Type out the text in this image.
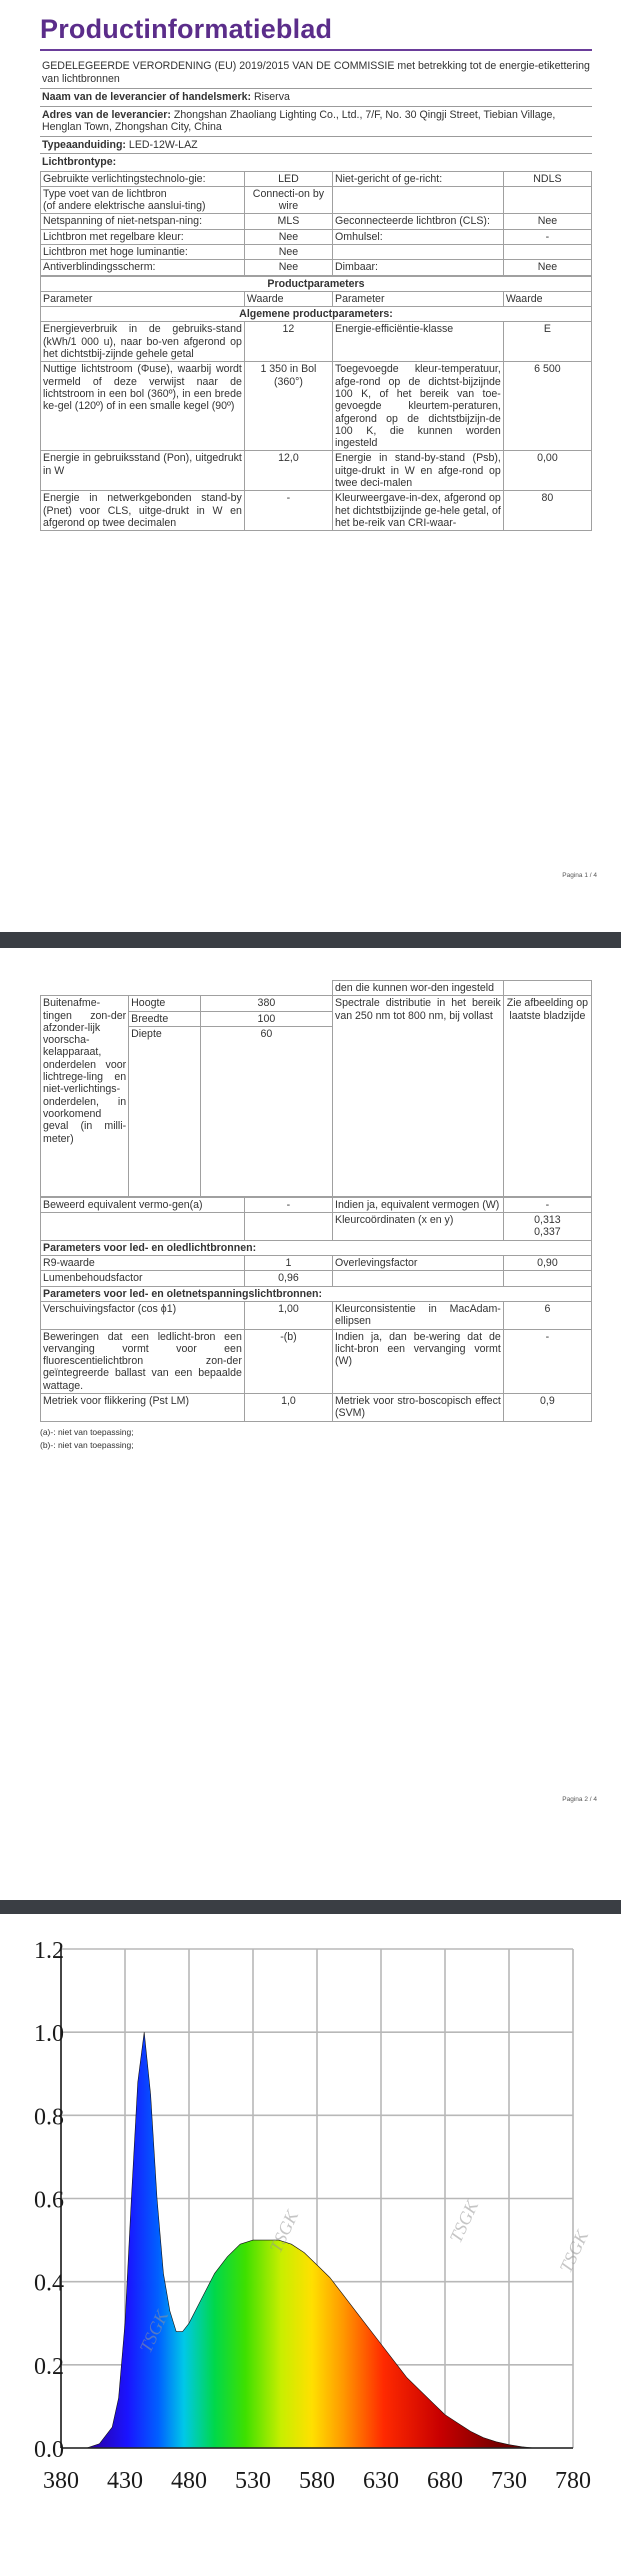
Productinformatieblad
GEDELEGEERDE VERORDENING (EU) 2019/2015 VAN DE COMMISSIE met betrekking tot de energie-etikettering van lichtbronnen
Naam van de leverancier of handelsmerk: Riserva
Adres van de leverancier: Zhongshan Zhaoliang Lighting Co., Ltd., 7/F, No. 30 Qingji Street, Tiebian Village, Henglan Town, Zhongshan City, China
Typeaanduiding: LED-12W-LAZ
Lichtbrontype:
Gebruikte verlichtingstechnolo-gie:	LED	Niet-gericht of ge-richt:	NDLS
Type voet van de lichtbron
(of andere elektrische aanslui-ting)	Connecti-on by wire		
Netspanning of niet-netspan-ning:	MLS	Geconnecteerde lichtbron (CLS):	Nee
Lichtbron met regelbare kleur:	Nee	Omhulsel:	-
Lichtbron met hoge luminantie:	Nee		
Antiverblindingsscherm:	Nee	Dimbaar:	Nee
Productparameters			
Parameter	Waarde	Parameter	Waarde
Algemene productparameters:			
Energieverbruik in de gebruiks-stand (kWh/1 000 u), naar bo-ven afgerond op het dichtstbij-zijnde gehele getal	12	Energie-efficiëntie-klasse	E
Nuttige lichtstroom (Φuse), waarbij wordt vermeld of deze verwijst naar de lichtstroom in een bol (360º), in een brede ke-gel (120º) of in een smalle kegel (90º)	1 350 in Bol (360°)	Toegevoegde kleur-temperatuur, afge-rond op de dichtst-bijzijnde 100 K, of het bereik van toe-gevoegde kleurtem-peraturen, afgerond op de dichtstbijzijn-de 100 K, die kunnen worden ingesteld	6 500
Energie in gebruiksstand (Pon), uitgedrukt in W	12,0	Energie in stand-by-stand (Psb), uitge-drukt in W en afge-rond op twee deci-malen	0,00
Energie in netwerkgebonden stand-by (Pnet) voor CLS, uitge-drukt in W en afgerond op twee decimalen	-	Kleurweergave-in-dex, afgerond op het dichtstbijzijnde ge-hele getal, of het be-reik van CRI-waar-	80
Pagina 1 / 4
			den die kunnen wor-den ingesteld	
Buitenafme-tingen zon-der afzonder-lijk voorscha-kelapparaat, onderdelen voor lichtrege-ling en niet-verlichtings-onderdelen, in voorkomend geval (in milli-meter)	Hoogte	380	Spectrale distributie in het bereik van 250 nm tot 800 nm, bij vollast	Zie afbeelding op laatste bladzijde
	Breedte	100		
	Diepte	60		
Beweerd equivalent vermo-gen(a)	-	Indien ja, equivalent vermogen (W)	-
		Kleurcoördinaten (x en y)	0,313
0,337
Parameters voor led- en oledlichtbronnen:			
R9-waarde	1	Overlevingsfactor	0,90
Lumenbehoudsfactor	0,96		
Parameters voor led- en oletnetspanningslichtbronnen:			
Verschuivingsfactor (cos ϕ1)	1,00	Kleurconsistentie in MacAdam-ellipsen	6
Beweringen dat een ledlicht-bron een vervanging vormt voor een fluorescentielichtbron zon-der geïntegreerde ballast van een bepaalde wattage.	-(b)	Indien ja, dan be-wering dat de licht-bron een vervanging vormt (W)	-
Metriek voor flikkering (Pst LM)	1,0	Metriek voor stro-boscopisch effect (SVM)	0,9
(a)-: niet van toepassing;
(b)-: niet van toepassing;
Pagina 2 / 4
TSGK
TSGK	TSGK
TSGK
0.0
0.2
0.4
0.6
0.8
1.0
1.2
380 430 480 530 580 630 680 730 780
